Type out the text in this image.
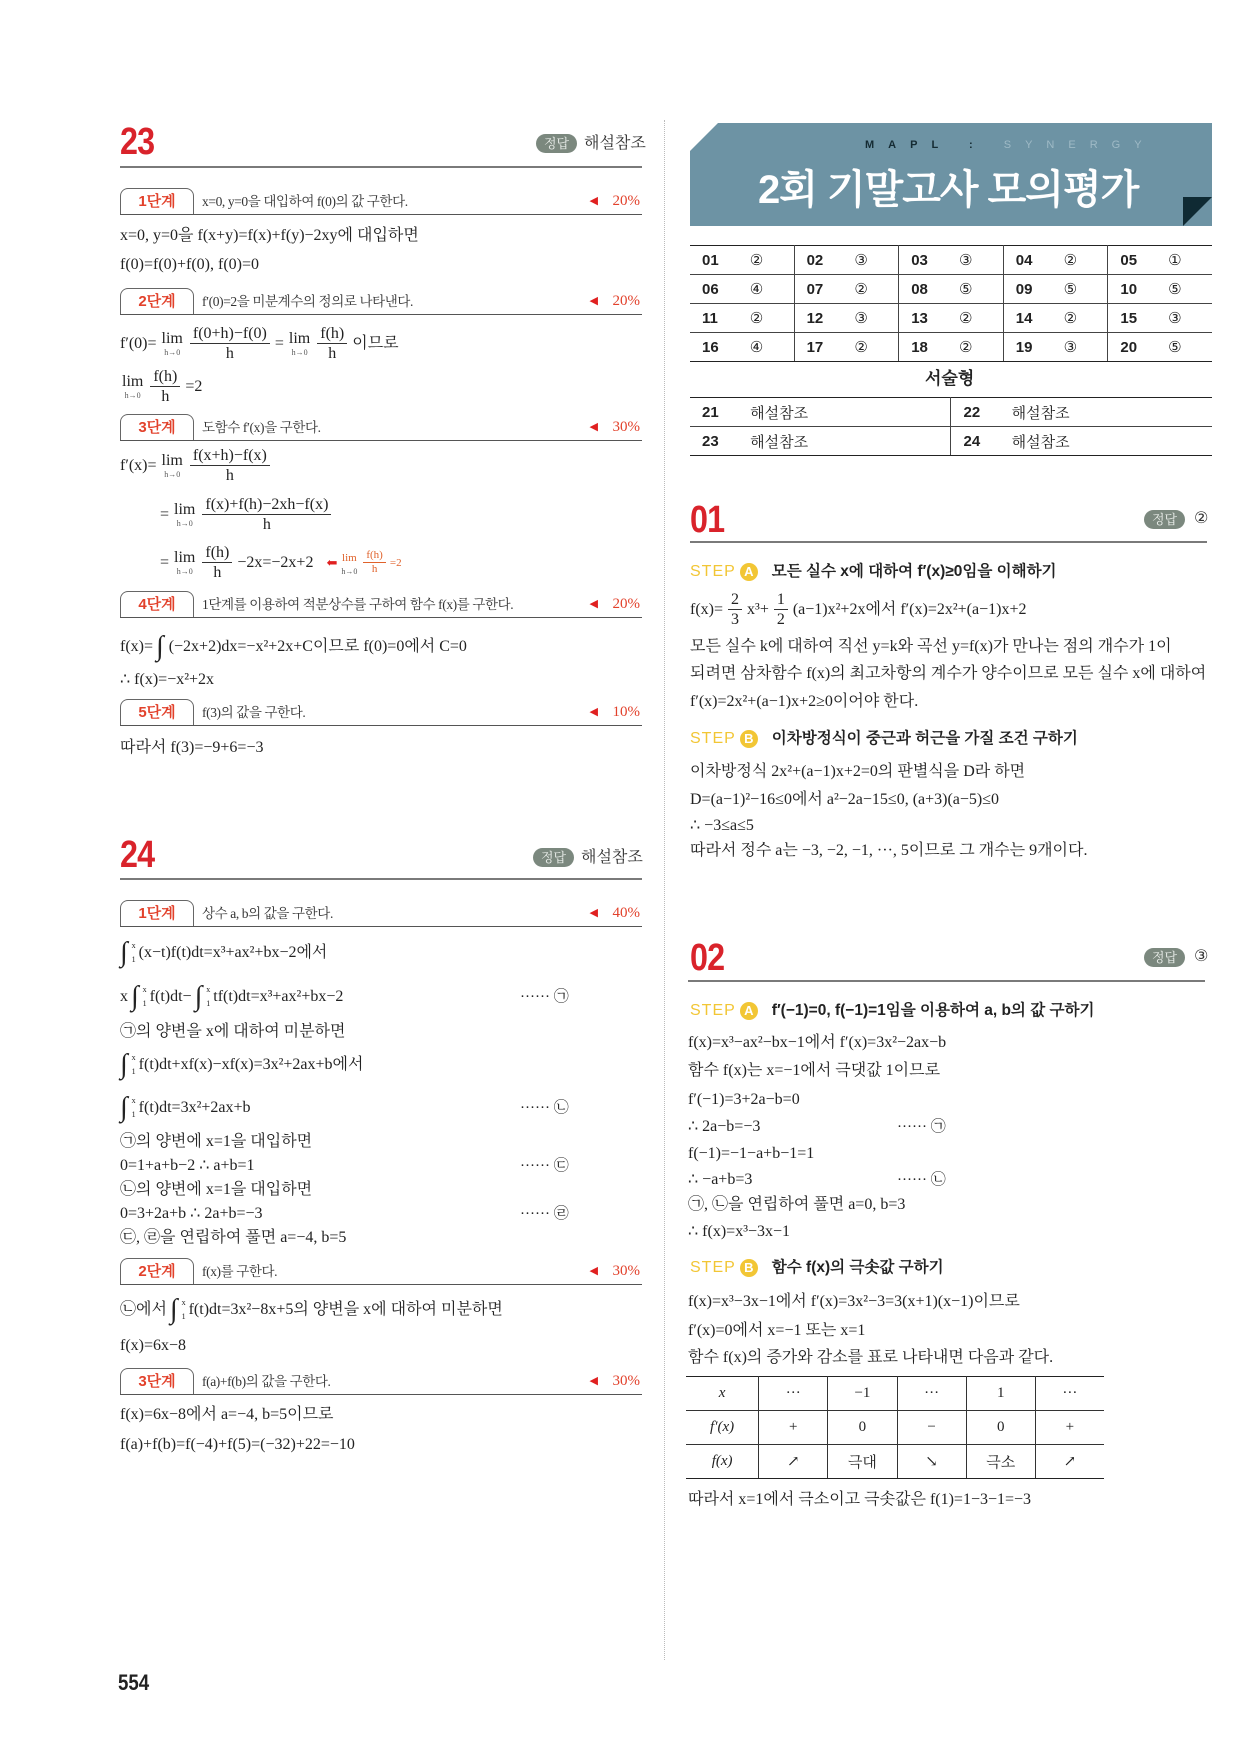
23	정답 해설참조
1단계	x=0, y=0을 대입하여 f(0)의 값 구한다.	◀ 20%
x=0, y=0을 f(x+y)=f(x)+f(y)−2xy에 대입하면
f(0)=f(0)+f(0), f(0)=0
2단계	f′(0)=2을 미분계수의 정의로 나타낸다.	◀ 20%
f′(0)= lim
$h\to 0 \frac{f(0+h)-f(0)}{h} = \lim$
$h\to 0 \frac{f(h)}{h}$ 이므로
lim
$h\to 0 \frac{f(h)}{h} =2$
3단계	도함수 f′(x)을 구한다.	◀ 30%
f′(x)= lim
$h\to 0 \frac{f(x+h)-f(x)}{h}$
= lim
$h\to 0 \frac{f(x)+f(h)-2xh-f(x)}{h}$
= lim
$h\to 0 \frac{f(h)}{h} -2x=-2x+2$ ⬅ lim
$h\to 0 \frac{f(h)}{h} =2$
4단계	1단계를 이용하여 적분상수를 구하여 함수 f(x)를 구한다.	◀ 20%
f(x)= ∫ (−2x+2)dx=−x²+2x+C이므로 f(0)=0에서 C=0
∴ f(x)=−x²+2x
5단계	f(3)의 값을 구한다.	◀ 10%
따라서 f(3)=−9+6=−3
24	정답 해설참조
1단계	상수 a, b의 값을 구한다.	◀ 40%
∫ x
1 (x−t)f(t)dt=x³+ax²+bx−2에서
x ∫ x
1 f(t)dt− ∫ x
1 tf(t)dt=x³+ax²+bx−2	······ ㉠
㉠의 양변을 x에 대하여 미분하면
∫ x
1 f(t)dt+xf(x)−xf(x)=3x²+2ax+b에서
∫ x
1 f(t)dt=3x²+2ax+b	······ ㉡
㉠의 양변에 x=1을 대입하면
0=1+a+b−2 ∴ a+b=1	······ ㉢
㉡의 양변에 x=1을 대입하면
0=3+2a+b ∴ 2a+b=−3	······ ㉣
㉢, ㉣을 연립하여 풀면 a=−4, b=5
2단계	f(x)를 구한다.	◀ 30%
㉡에서 ∫ x
1 f(t)dt=3x²−8x+5의 양변을 x에 대하여 미분하면
f(x)=6x−8
3단계	f(a)+f(b)의 값을 구한다.	◀ 30%
f(x)=6x−8에서 a=−4, b=5이므로
f(a)+f(b)=f(−4)+f(5)=(−32)+22=−10
554
MAPL : SYNERGY
2회 기말고사 모의평가
01	②	02	③	03	③	04	②	05	①
06	④	07	②	08	⑤	09	⑤	10	⑤
11	②	12	③	13	②	14	②	15	③
16	④	17	②	18	②	19	③	20	⑤
서술형
21	해설참조	22	해설참조
23	해설참조	24	해설참조
01	정답	②
STEP A 모든 실수 x에 대하여 f′(x)≥0임을 이해하기
$f(x)= \frac{2}{3} x^3+ \frac{1}{2} (a-1)x^2+2x$에서 f′(x)=2x²+(a−1)x+2
모든 실수 k에 대하여 직선 y=k와 곡선 y=f(x)가 만나는 점의 개수가 1이
되려면 삼차함수 f(x)의 최고차항의 계수가 양수이므로 모든 실수 x에 대하여
f′(x)=2x²+(a−1)x+2≥0이어야 한다.
STEP B 이차방정식이 중근과 허근을 가질 조건 구하기
이차방정식 2x²+(a−1)x+2=0의 판별식을 D라 하면
D=(a−1)²−16≤0에서 a²−2a−15≤0, (a+3)(a−5)≤0
∴ −3≤a≤5
따라서 정수 a는 −3, −2, −1, ···, 5이므로 그 개수는 9개이다.
02	정답	③
STEP A f′(−1)=0, f(−1)=1임을 이용하여 a, b의 값 구하기
f(x)=x³−ax²−bx−1에서 f′(x)=3x²−2ax−b
함수 f(x)는 x=−1에서 극댓값 1이므로
f′(−1)=3+2a−b=0
∴ 2a−b=−3	······ ㉠
f(−1)=−1−a+b−1=1
∴ −a+b=3	······ ㉡
㉠, ㉡을 연립하여 풀면 a=0, b=3
∴ f(x)=x³−3x−1
STEP B 함수 f(x)의 극솟값 구하기
f(x)=x³−3x−1에서 f′(x)=3x²−3=3(x+1)(x−1)이므로
f′(x)=0에서 x=−1 또는 x=1
함수 f(x)의 증가와 감소를 표로 나타내면 다음과 같다.
x	···	−1	···	1	···
f′(x)	+	0	−	0	+
f(x)	↗	극대	↘	극소	↗
따라서 x=1에서 극소이고 극솟값은 f(1)=1−3−1=−3
